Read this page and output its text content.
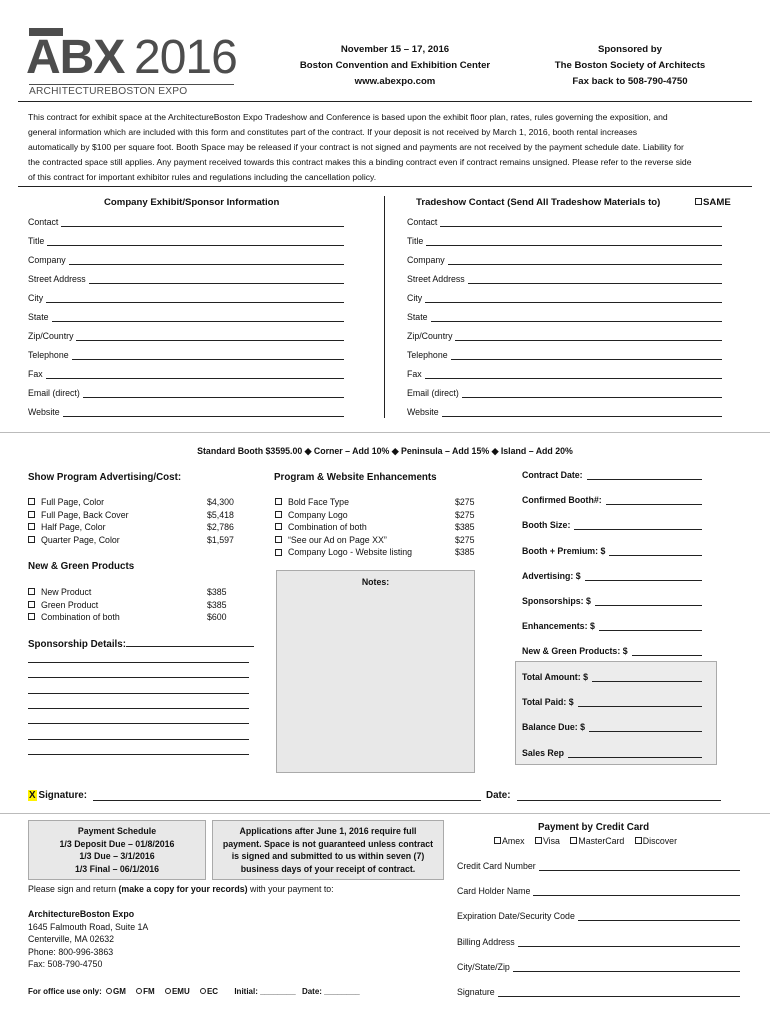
ABX 2016
ARCHITECTUREBOSTON EXPO
November 15 – 17, 2016
Boston Convention and Exhibition Center
www.abexpo.com
Sponsored by
The Boston Society of Architects
Fax back to 508-790-4750
This contract for exhibit space at the ArchitectureBoston Expo Tradeshow and Conference is based upon the exhibit floor plan, rates, rules governing the exposition, and
general information which are included with this form and constitutes part of the contract. If your deposit is not received by March 1, 2016, booth rental increases
automatically by $100 per square foot. Booth Space may be released if your contract is not signed and payments are not received by the payment schedule date. Liability for
the contracted space still applies. Any payment received towards this contract makes this a binding contract even if contract remains unsigned. Please refer to the reverse side
of this contract for important exhibitor rules and regulations including the cancellation policy.
Company Exhibit/Sponsor Information	Tradeshow Contact (Send All Tradeshow Materials to)	SAME
Contact
Title
Company
Street Address
City
State
Zip/Country
Telephone
Fax
Email (direct)
Website
Contact
Title
Company
Street Address
City
State
Zip/Country
Telephone
Fax
Email (direct)
Website
Standard Booth $3595.00 ◆ Corner – Add 10% ◆ Peninsula – Add 15% ◆ Island – Add 20%
Show Program Advertising/Cost:
Full Page, Color	$4,300
Full Page, Back Cover	$5,418
Half Page, Color	$2,786
Quarter Page, Color	$1,597
New & Green Products
New Product	$385
Green Product	$385
Combination of both	$600
Sponsorship Details:
Program & Website Enhancements
Bold Face Type	$275
Company Logo	$275
Combination of both	$385
“See our Ad on Page XX”	$275
Company Logo - Website listing	$385
Notes:
Contract Date:
Confirmed Booth#:
Booth Size:
Booth + Premium: $
Advertising: $
Sponsorships: $
Enhancements: $
New & Green Products: $
Total Amount: $
Total Paid: $
Balance Due: $
Sales Rep
X Signature:	Date:
Payment Schedule
1/3 Deposit Due – 01/8/2016
1/3 Due – 3/1/2016
1/3 Final – 06/1/2016
Applications after June 1, 2016 require full
payment. Space is not guaranteed unless contract
is signed and submitted to us within seven (7)
business days of your receipt of contract.
Please sign and return (make a copy for your records) with your payment to:
ArchitectureBoston Expo
1645 Falmouth Road, Suite 1A
Centerville, MA 02632
Phone: 800-996-3863
Fax: 508-790-4750
For office use only: GM FM EMU EC Initial: ________ Date: ________
Payment by Credit Card
Amex Visa MasterCard Discover
Credit Card Number
Card Holder Name
Expiration Date/Security Code
Billing Address
City/State/Zip
Signature
